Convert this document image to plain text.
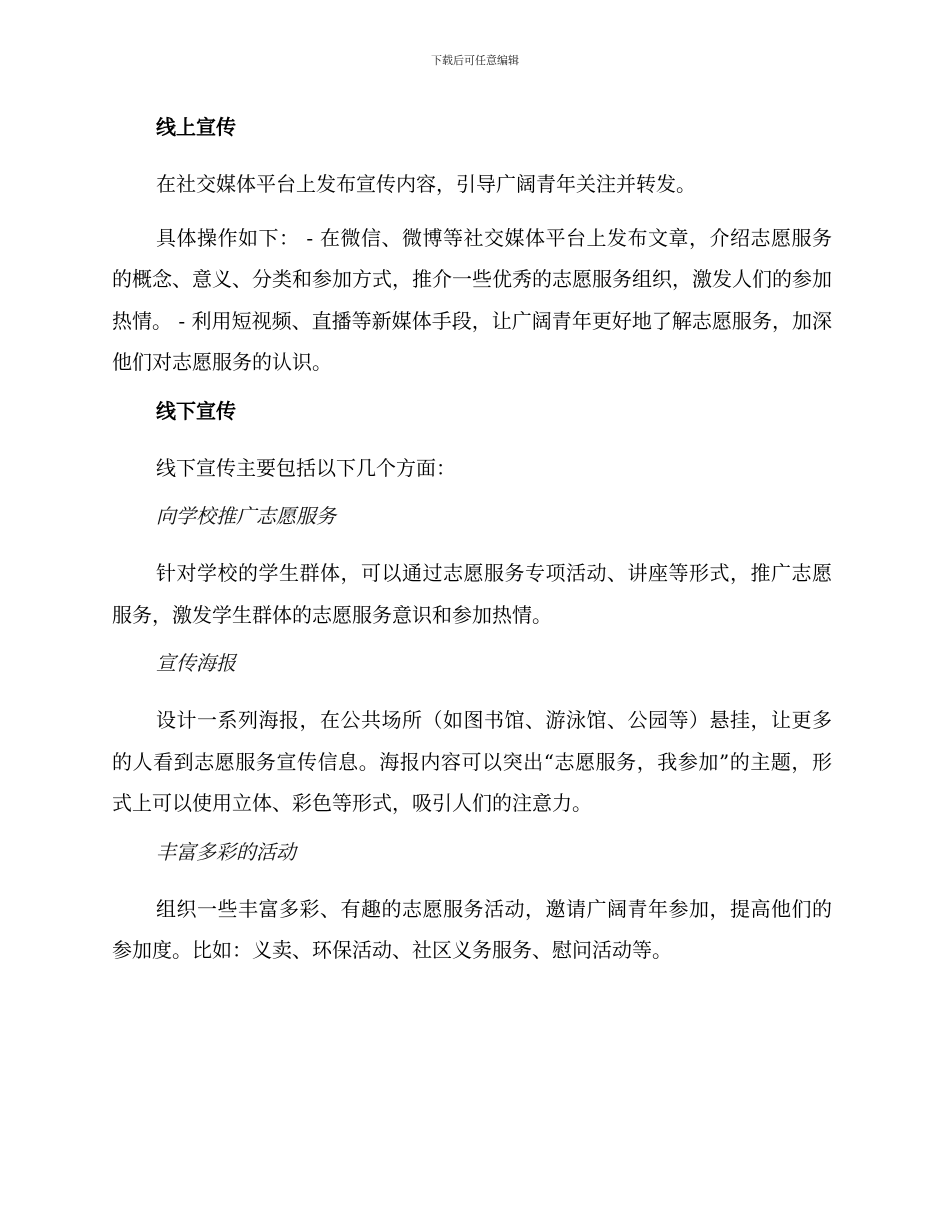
下载后可任意编辑
线上宣传

在社交媒体平台上发布宣传内容，引导广阔青年关注并转发。

具体操作如下： - 在微信、微博等社交媒体平台上发布文章，介绍志愿服务的概念、意义、分类和参加方式，推介一些优秀的志愿服务组织，激发人们的参加热情。 - 利用短视频、直播等新媒体手段，让广阔青年更好地了解志愿服务，加深他们对志愿服务的认识。

线下宣传

线下宣传主要包括以下几个方面：

向学校推广志愿服务

针对学校的学生群体，可以通过志愿服务专项活动、讲座等形式，推广志愿服务，激发学生群体的志愿服务意识和参加热情。

宣传海报

设计一系列海报，在公共场所（如图书馆、游泳馆、公园等）悬挂，让更多的人看到志愿服务宣传信息。海报内容可以突出“志愿服务，我参加”的主题，形式上可以使用立体、彩色等形式，吸引人们的注意力。

丰富多彩的活动

组织一些丰富多彩、有趣的志愿服务活动，邀请广阔青年参加，提高他们的参加度。比如：义卖、环保活动、社区义务服务、慰问活动等。
